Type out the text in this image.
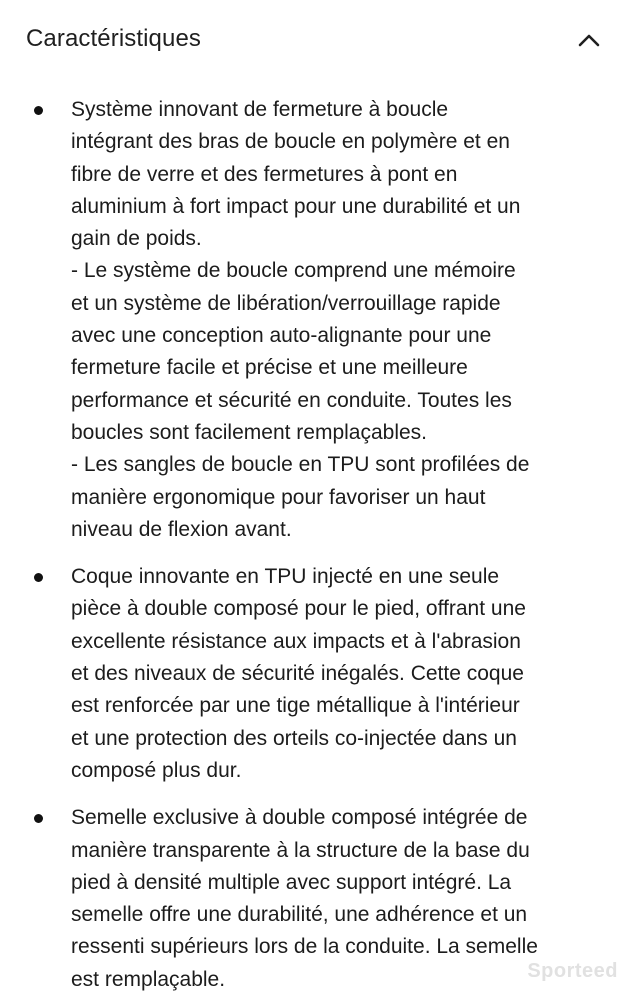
Caractéristiques
Système innovant de fermeture à boucle
intégrant des bras de boucle en polymère et en
fibre de verre et des fermetures à pont en
aluminium à fort impact pour une durabilité et un
gain de poids.
- Le système de boucle comprend une mémoire
et un système de libération/verrouillage rapide
avec une conception auto-alignante pour une
fermeture facile et précise et une meilleure
performance et sécurité en conduite. Toutes les
boucles sont facilement remplaçables.
- Les sangles de boucle en TPU sont profilées de
manière ergonomique pour favoriser un haut
niveau de flexion avant.
Coque innovante en TPU injecté en une seule
pièce à double composé pour le pied, offrant une
excellente résistance aux impacts et à l'abrasion
et des niveaux de sécurité inégalés. Cette coque
est renforcée par une tige métallique à l'intérieur
et une protection des orteils co-injectée dans un
composé plus dur.
Semelle exclusive à double composé intégrée de
manière transparente à la structure de la base du
pied à densité multiple avec support intégré. La
semelle offre une durabilité, une adhérence et un
ressenti supérieurs lors de la conduite. La semelle
est remplaçable.	Sporteed
